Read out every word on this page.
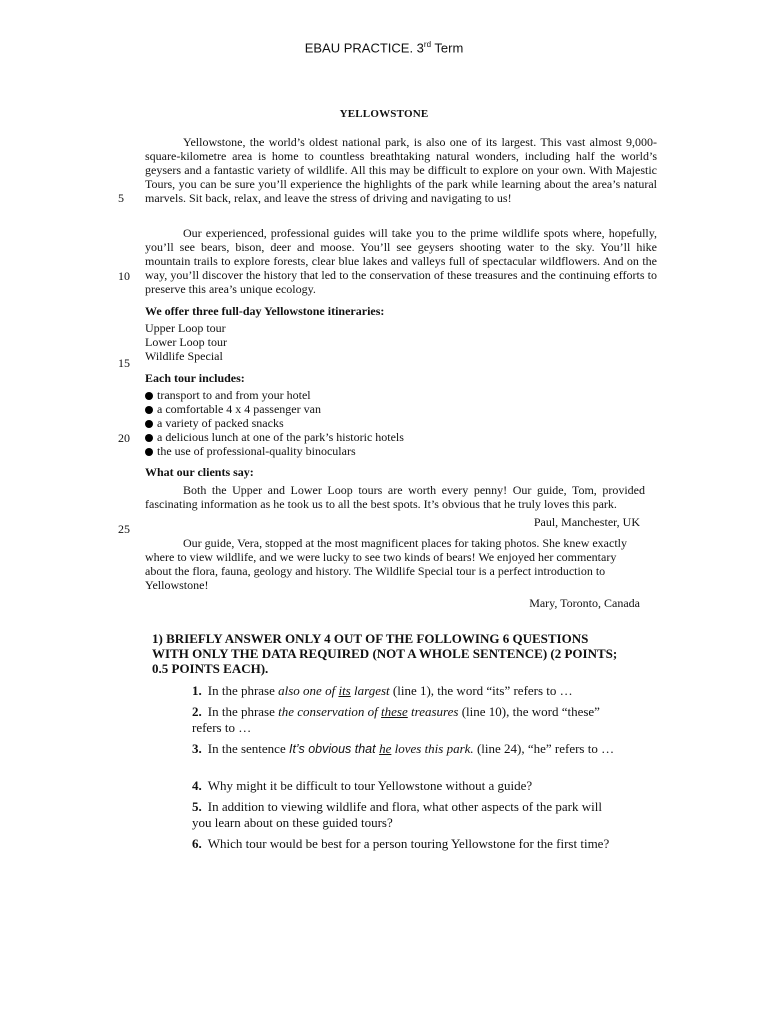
EBAU PRACTICE. 3rd Term
YELLOWSTONE
5
10
15
20
25

Yellowstone, the world’s oldest national park, is also one of its largest. This vast almost 9,000-square-kilometre area is home to countless breathtaking natural wonders, including half the world’s geysers and a fantastic variety of wildlife. All this may be difficult to explore on your own. With Majestic Tours, you can be sure you’ll experience the highlights of the park while learning about the area’s natural marvels. Sit back, relax, and leave the stress of driving and navigating to us!

Our experienced, professional guides will take you to the prime wildlife spots where, hopefully, you’ll see bears, bison, deer and moose. You’ll see geysers shooting water to the sky. You’ll hike mountain trails to explore forests, clear blue lakes and valleys full of spectacular wildflowers. And on the way, you’ll discover the history that led to the conservation of these treasures and the continuing efforts to preserve this area’s unique ecology.

We offer three full-day Yellowstone itineraries:
Upper Loop tour
Lower Loop tour
Wildlife Special
Each tour includes:
transport to and from your hotel
a comfortable 4 x 4 passenger van
a variety of packed snacks
a delicious lunch at one of the park’s historic hotels
the use of professional-quality binoculars
What our clients say:

Both the Upper and Lower Loop tours are worth every penny! Our guide, Tom, provided fascinating information as he took us to all the best spots. It’s obvious that he truly loves this park.

Paul, Manchester, UK

Our guide, Vera, stopped at the most magnificent places for taking photos. She knew exactly where to view wildlife, and we were lucky to see two kinds of bears! We enjoyed her commentary about the flora, fauna, geology and history. The Wildlife Special tour is a perfect introduction to Yellowstone!

Mary, Toronto, Canada
1) BRIEFLY ANSWER ONLY 4 OUT OF THE FOLLOWING 6 QUESTIONS WITH ONLY THE DATA REQUIRED (NOT A WHOLE SENTENCE) (2 POINTS; 0.5 POINTS EACH).
1. In the phrase also one of its largest (line 1), the word “its” refers to …
2. In the phrase the conservation of these treasures (line 10), the word “these” refers to …
3. In the sentence It’s obvious that he loves this park. (line 24), “he” refers to …
4. Why might it be difficult to tour Yellowstone without a guide?
5. In addition to viewing wildlife and flora, what other aspects of the park will you learn about on these guided tours?
6. Which tour would be best for a person touring Yellowstone for the first time?
